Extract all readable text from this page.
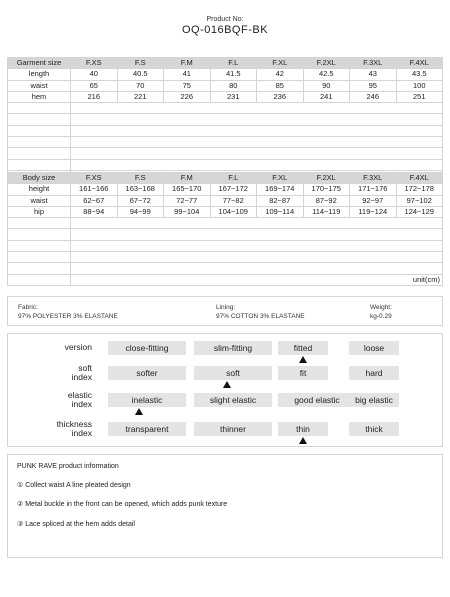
Product No:
OQ-016BQF-BK
Garment size	F.XS	F.S	F.M	F.L	F.XL	F.2XL	F.3XL	F.4XL
length	40	40.5	41	41.5	42	42.5	43	43.5
waist	65	70	75	80	85	90	95	100
hem	216	221	226	231	236	241	246	251

Body size	F.XS	F.S	F.M	F.L	F.XL	F.2XL	F.3XL	F.4XL
height	161~166	163~168	165~170	167~172	169~174	170~175	171~176	172~178
waist	62~67	67~72	72~77	77~82	82~87	87~92	92~97	97~102
hip	88~94	94~99	99~104	104~109	109~114	114~119	119~124	124~129

	unit(cm)							
Fabric:
97% POLYESTER 3% ELASTANE
Lining:
97% COTTON 3% ELASTANE
Weight:
kg-0.29
version	close-fitting	slim-fitting	fitted	loose
soft
index	softer	soft	fit	hard
elastic
index	inelastic	slight elastic	good elastic	big elastic
thickness
index	transparent	thinner	thin	thick
PUNK RAVE product information
① Collect waist A line pleated design
② Metal buckle in the front can be opened, which adds punk texture
③ Lace spliced at the hem adds detail
